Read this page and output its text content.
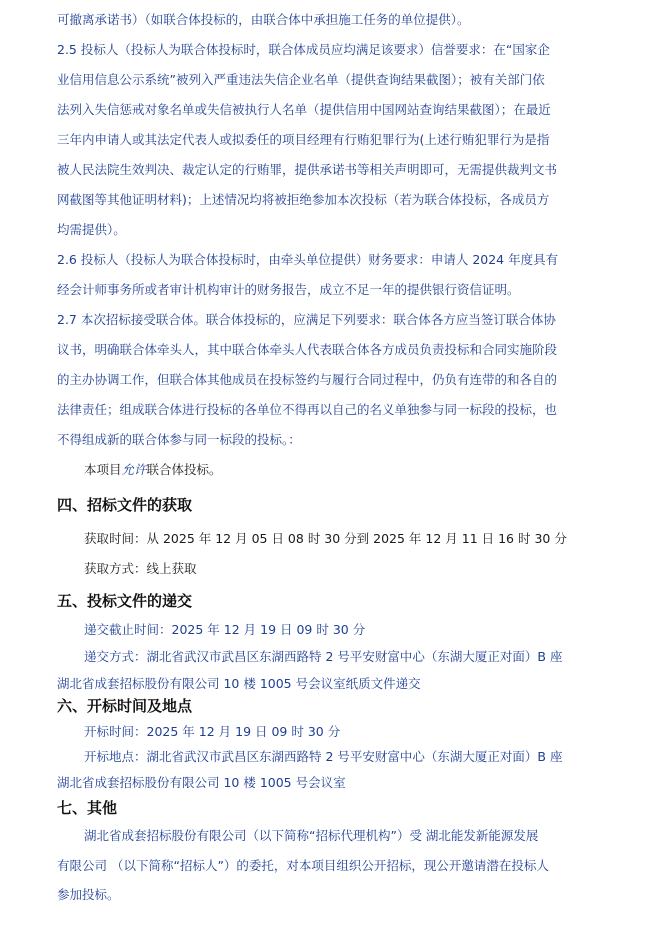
可撤离承诺书）（如联合体投标的，由联合体中承担施工任务的单位提供）。
2.5 投标人（投标人为联合体投标时，联合体成员应均满足该要求）信誉要求：在“国家企
业信用信息公示系统”被列入严重违法失信企业名单（提供查询结果截图）；被有关部门依
法列入失信惩戒对象名单或失信被执行人名单（提供信用中国网站查询结果截图）；在最近
三年内申请人或其法定代表人或拟委任的项目经理有行贿犯罪行为(上述行贿犯罪行为是指
被人民法院生效判决、裁定认定的行贿罪，提供承诺书等相关声明即可，无需提供裁判文书
网截图等其他证明材料)；上述情况均将被拒绝参加本次投标（若为联合体投标，各成员方
均需提供）。
2.6 投标人（投标人为联合体投标时，由牵头单位提供）财务要求：申请人 2024 年度具有
经会计师事务所或者审计机构审计的财务报告，成立不足一年的提供银行资信证明。
2.7 本次招标接受联合体。联合体投标的，应满足下列要求：联合体各方应当签订联合体协
议书，明确联合体牵头人，其中联合体牵头人代表联合体各方成员负责投标和合同实施阶段
的主办协调工作，但联合体其他成员在投标签约与履行合同过程中，仍负有连带的和各自的
法律责任；组成联合体进行投标的各单位不得再以自己的名义单独参与同一标段的投标，也
不得组成新的联合体参与同一标段的投标。：
本项目允许联合体投标。
四、招标文件的获取
获取时间：从 2025 年 12 月 05 日 08 时 30 分到 2025 年 12 月 11 日 16 时 30 分
获取方式：线上获取
五、投标文件的递交
递交截止时间：2025 年 12 月 19 日 09 时 30 分
递交方式：湖北省武汉市武昌区东湖西路特 2 号平安财富中心（东湖大厦正对面）B 座
湖北省成套招标股份有限公司 10 楼 1005 号会议室纸质文件递交
六、开标时间及地点
开标时间：2025 年 12 月 19 日 09 时 30 分
开标地点：湖北省武汉市武昌区东湖西路特 2 号平安财富中心（东湖大厦正对面）B 座
湖北省成套招标股份有限公司 10 楼 1005 号会议室
七、其他
湖北省成套招标股份有限公司（以下简称“招标代理机构”）受 湖北能发新能源发展
有限公司 （以下简称“招标人”）的委托，对本项目组织公开招标，现公开邀请潜在投标人
参加投标。
